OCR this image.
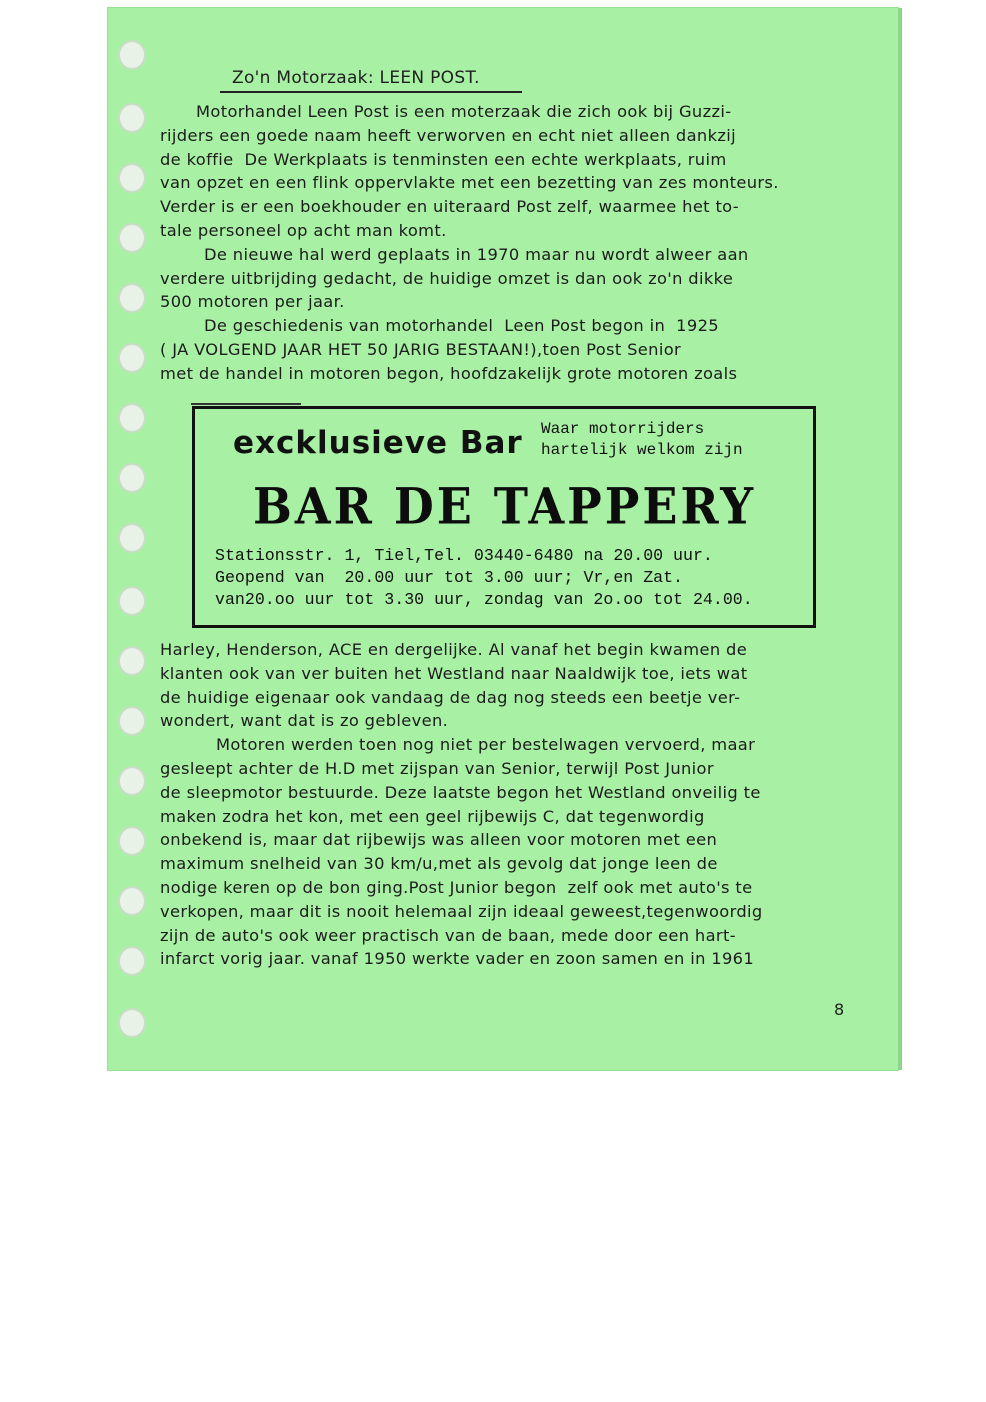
Zo'n Motorzaak: LEEN POST.

Motorhandel Leen Post is een moterzaak die zich ook bij Guzzi-

rijders een goede naam heeft verworven en echt niet alleen dankzij

de koffie  De Werkplaats is tenminsten een echte werkplaats, ruim

van opzet en een flink oppervlakte met een bezetting van zes monteurs.

Verder is er een boekhouder en uiteraard Post zelf, waarmee het to-

tale personeel op acht man komt.

De nieuwe hal werd geplaats in 1970 maar nu wordt alweer aan

verdere uitbrijding gedacht, de huidige omzet is dan ook zo'n dikke

500 motoren per jaar.

De geschiedenis van motorhandel  Leen Post begon in  1925

( JA VOLGEND JAAR HET 50 JARIG BESTAAN!),toen Post Senior

met de handel in motoren begon, hoofdzakelijk grote motoren zoals

excklusieve Bar Waar motorrijders
hartelijk welkom zijn
BAR DE TAPPERY
Stationsstr. 1, Tiel,Tel. 03440-6480 na 20.00 uur.
Geopend van  20.00 uur tot 3.00 uur; Vr,en Zat.
van20.oo uur tot 3.30 uur, zondag van 2o.oo tot 24.00.

Harley, Henderson, ACE en dergelijke. Al vanaf het begin kwamen de

klanten ook van ver buiten het Westland naar Naaldwijk toe, iets wat

de huidige eigenaar ook vandaag de dag nog steeds een beetje ver-

wondert, want dat is zo gebleven.

Motoren werden toen nog niet per bestelwagen vervoerd, maar

gesleept achter de H.D met zijspan van Senior, terwijl Post Junior

de sleepmotor bestuurde. Deze laatste begon het Westland onveilig te

maken zodra het kon, met een geel rijbewijs C, dat tegenwordig

onbekend is, maar dat rijbewijs was alleen voor motoren met een

maximum snelheid van 30 km/u,met als gevolg dat jonge leen de

nodige keren op de bon ging.Post Junior begon  zelf ook met auto's te

verkopen, maar dit is nooit helemaal zijn ideaal geweest,tegenwoordig

zijn de auto's ook weer practisch van de baan, mede door een hart-

infarct vorig jaar. vanaf 1950 werkte vader en zoon samen en in 1961

8
